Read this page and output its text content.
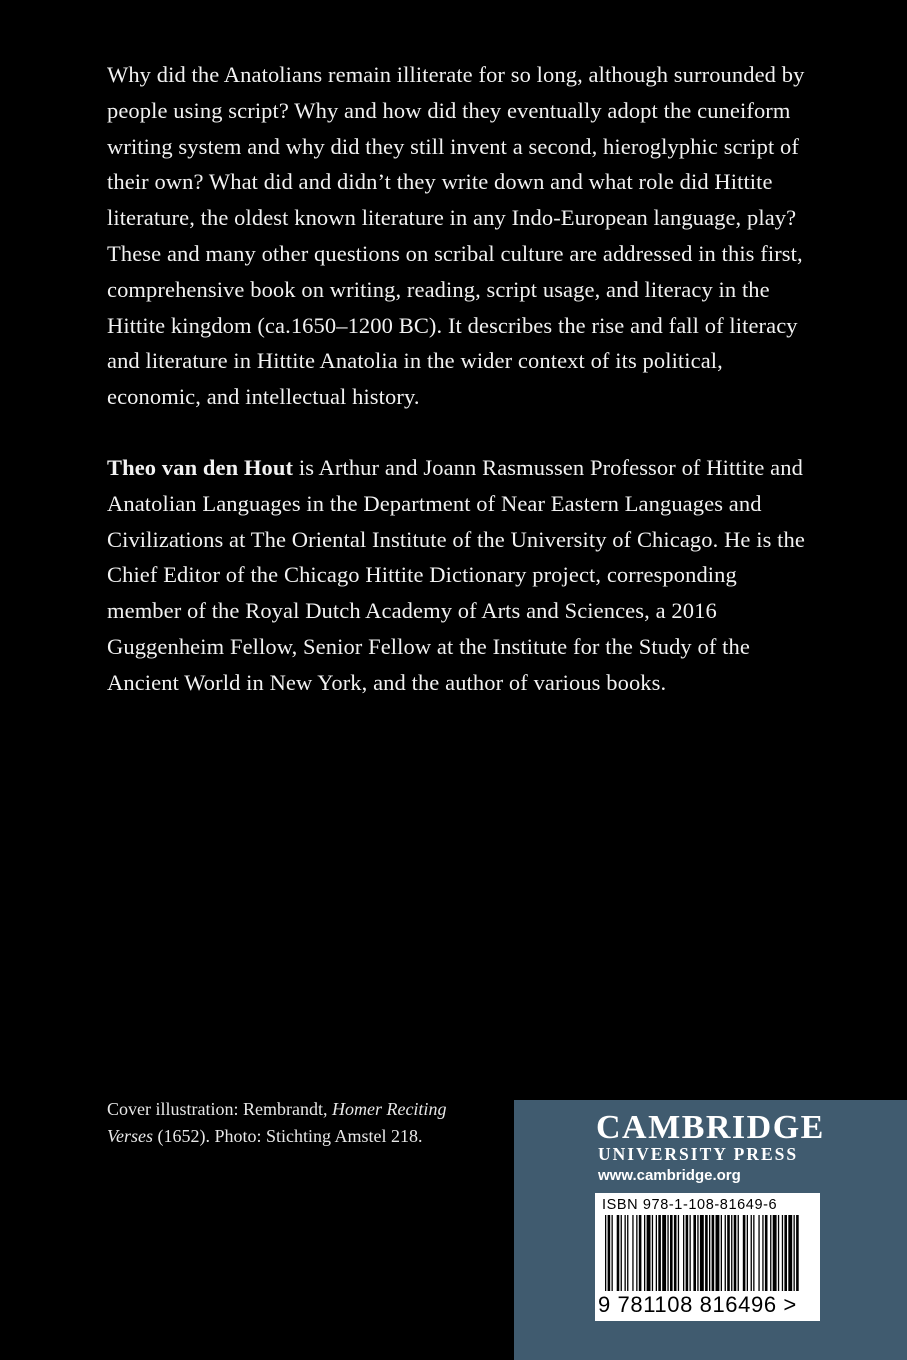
Why did the Anatolians remain illiterate for so long, although surrounded by people using script? Why and how did they eventually adopt the cuneiform writing system and why did they still invent a second, hieroglyphic script of their own? What did and didn’t they write down and what role did Hittite literature, the oldest known literature in any Indo-European language, play? These and many other questions on scribal culture are addressed in this first, comprehensive book on writing, reading, script usage, and literacy in the Hittite kingdom (ca.1650–1200 BC). It describes the rise and fall of literacy and literature in Hittite Anatolia in the wider context of its political, economic, and intellectual history.

Theo van den Hout is Arthur and Joann Rasmussen Professor of Hittite and Anatolian Languages in the Department of Near Eastern Languages and Civilizations at The Oriental Institute of the University of Chicago. He is the Chief Editor of the Chicago Hittite Dictionary project, corresponding member of the Royal Dutch Academy of Arts and Sciences, a 2016 Guggenheim Fellow, Senior Fellow at the Institute for the Study of the Ancient World in New York, and the author of various books.

Cover illustration: Rembrandt, Homer Reciting Verses (1652). Photo: Stichting Amstel 218.	CAMBRIDGE

UNIVERSITY PRESS

www.cambridge.org

ISBN 978-1-108-81649-6

9 781108 816496 >
